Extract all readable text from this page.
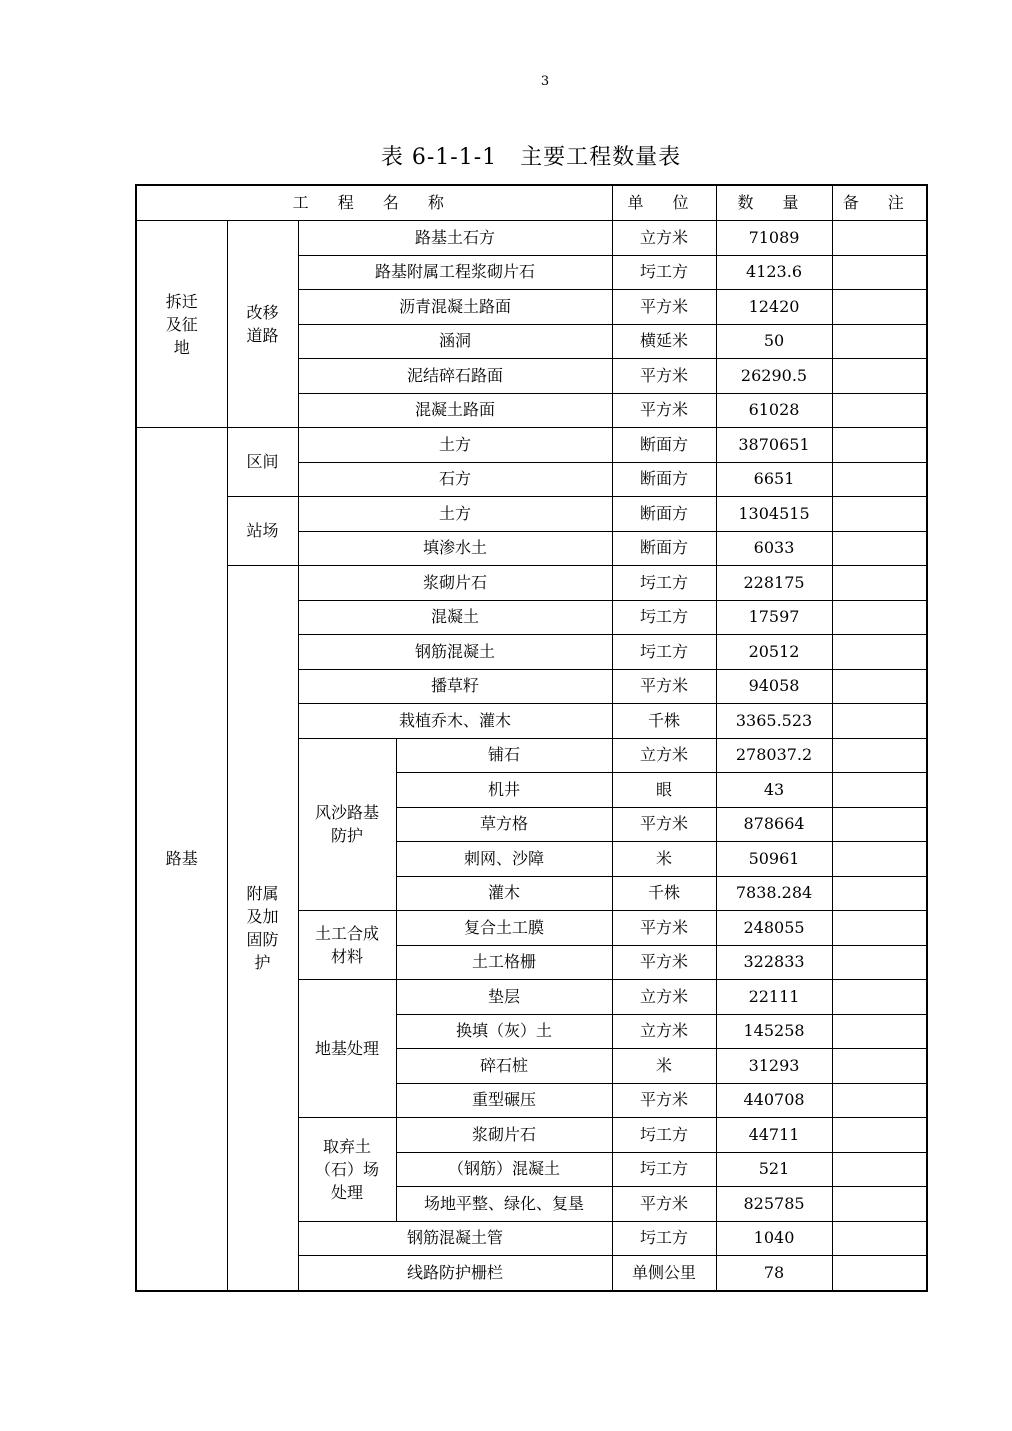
3
表 6-1-1-1　主要工程数量表
工 程 名 称				单 位	数 量	备 注
拆迁及征地	改移道路	路基土石方		立方米	71089	
		路基附属工程浆砌片石		圬工方	4123.6	
		沥青混凝土路面		平方米	12420	
		涵洞		横延米	50	
		泥结碎石路面		平方米	26290.5	
		混凝土路面		平方米	61028	
路基	区间	土方		断面方	3870651	
		石方		断面方	6651	
	站场	土方		断面方	1304515	
		填渗水土		断面方	6033	
	附属及加固防护	浆砌片石		圬工方	228175	
		混凝土		圬工方	17597	
		钢筋混凝土		圬工方	20512	
		播草籽		平方米	94058	
		栽植乔木、灌木		千株	3365.523	
		风沙路基防护	铺石	立方米	278037.2	
			机井	眼	43	
			草方格	平方米	878664	
			刺网、沙障	米	50961	
			灌木	千株	7838.284	
		土工合成材料	复合土工膜	平方米	248055	
			土工格栅	平方米	322833	
		地基处理	垫层	立方米	22111	
			换填（灰）土	立方米	145258	
			碎石桩	米	31293	
			重型碾压	平方米	440708	
		取弃土（石）场处理	浆砌片石	圬工方	44711	
			（钢筋）混凝土	圬工方	521	
			场地平整、绿化、复垦	平方米	825785	
		钢筋混凝土管		圬工方	1040	
		线路防护栅栏		单侧公里	78	
